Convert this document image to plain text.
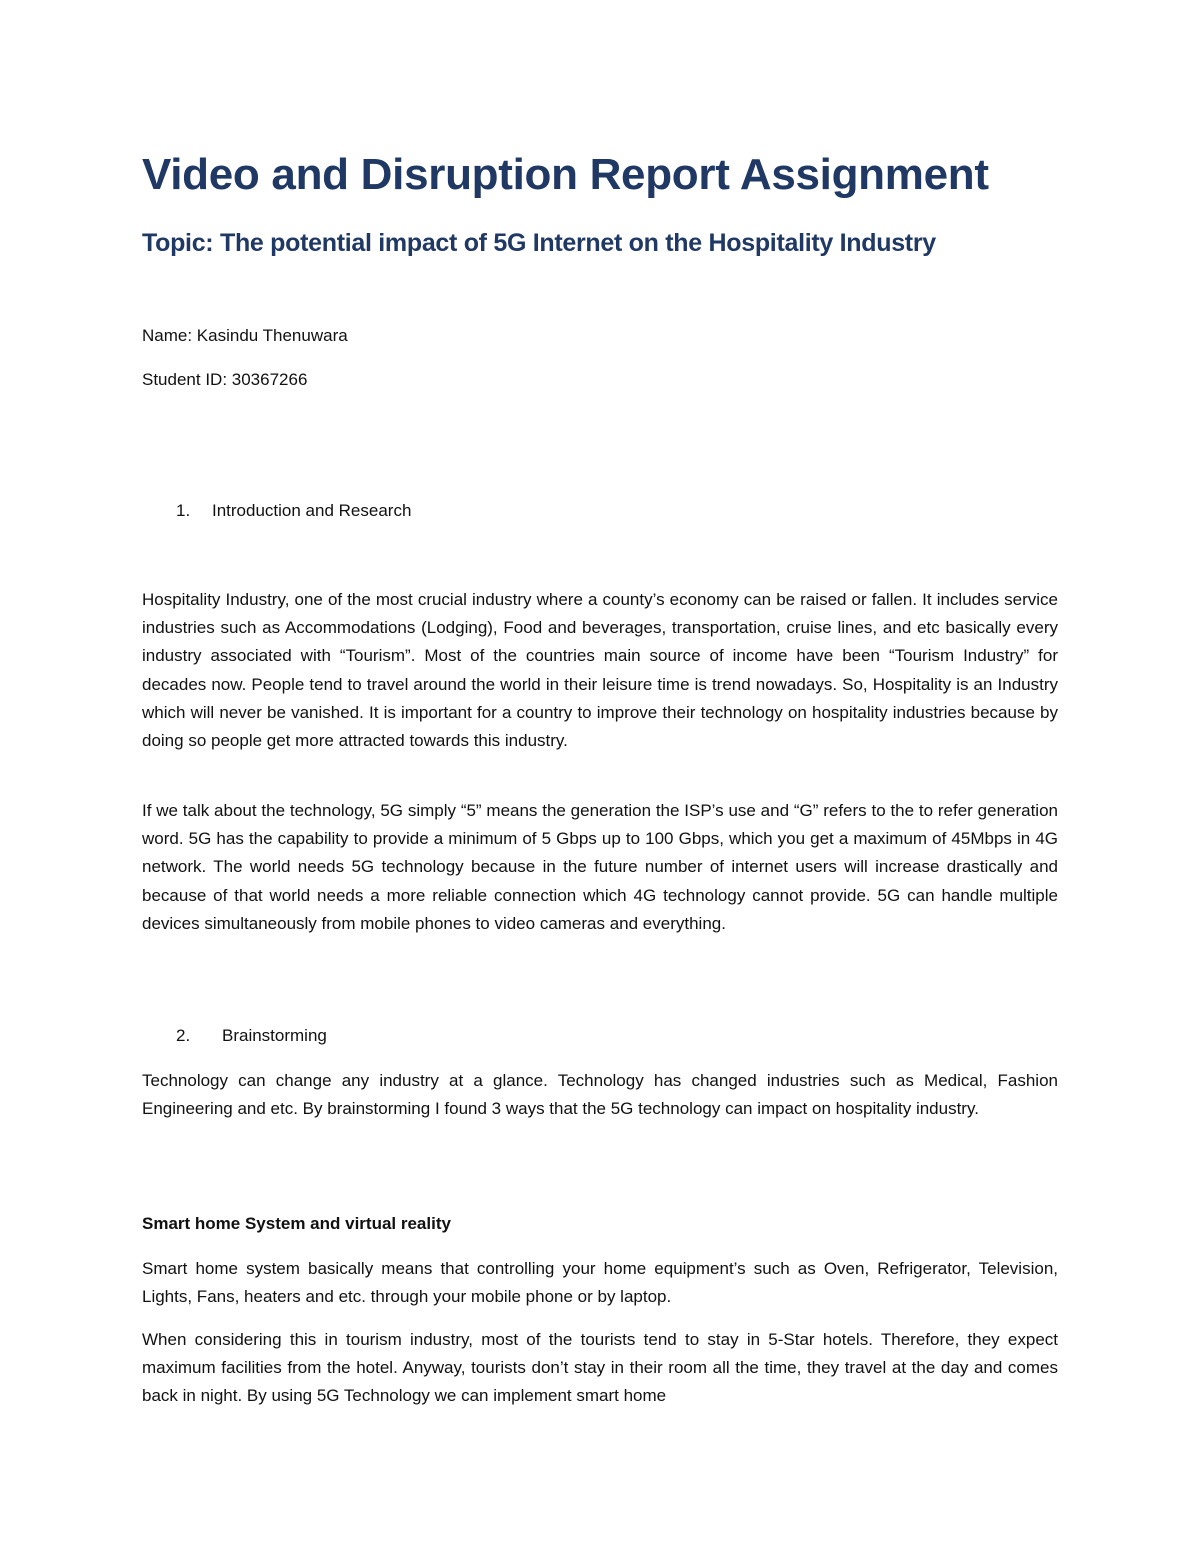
Video and Disruption Report Assignment
Topic: The potential impact of 5G Internet on the Hospitality Industry

Name: Kasindu Thenuwara

Student ID: 30367266

1. Introduction and Research

Hospitality Industry, one of the most crucial industry where a county’s economy can be raised or fallen. It includes service industries such as Accommodations (Lodging), Food and beverages, transportation, cruise lines, and etc basically every industry associated with “Tourism”. Most of the countries main source of income have been “Tourism Industry” for decades now. People tend to travel around the world in their leisure time is trend nowadays. So, Hospitality is an Industry which will never be vanished. It is important for a country to improve their technology on hospitality industries because by doing so people get more attracted towards this industry.

If we talk about the technology, 5G simply “5” means the generation the ISP’s use and “G” refers to the to refer generation word. 5G has the capability to provide a minimum of 5 Gbps up to 100 Gbps, which you get a maximum of 45Mbps in 4G network. The world needs 5G technology because in the future number of internet users will increase drastically and because of that world needs a more reliable connection which 4G technology cannot provide. 5G can handle multiple devices simultaneously from mobile phones to video cameras and everything.

2. Brainstorming

Technology can change any industry at a glance. Technology has changed industries such as Medical, Fashion Engineering and etc. By brainstorming I found 3 ways that the 5G technology can impact on hospitality industry.

Smart home System and virtual reality

Smart home system basically means that controlling your home equipment’s such as Oven, Refrigerator, Television, Lights, Fans, heaters and etc. through your mobile phone or by laptop.

When considering this in tourism industry, most of the tourists tend to stay in 5-Star hotels. Therefore, they expect maximum facilities from the hotel. Anyway, tourists don’t stay in their room all the time, they travel at the day and comes back in night. By using 5G Technology we can implement smart home
